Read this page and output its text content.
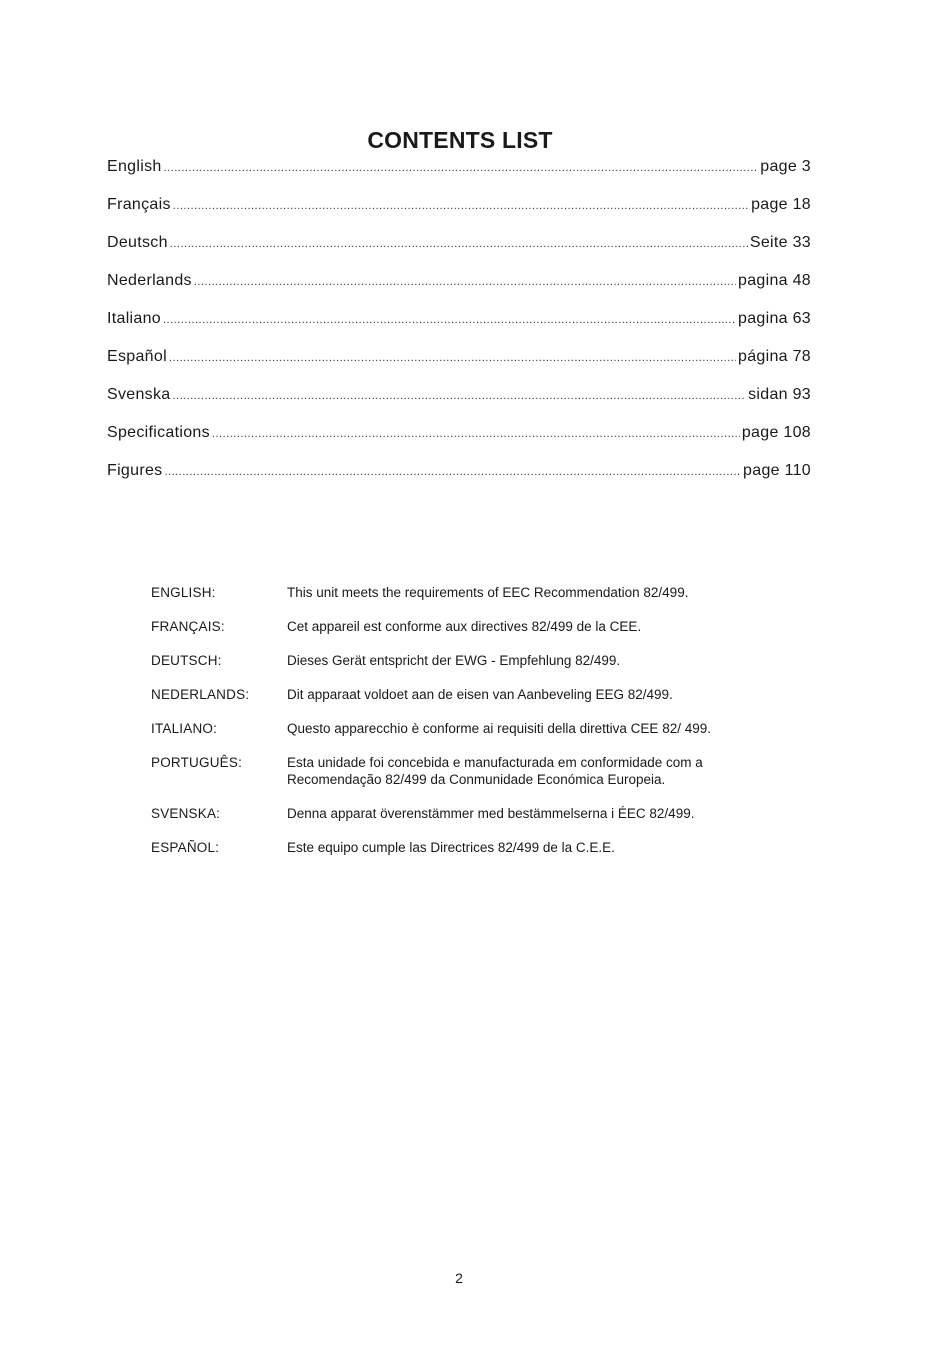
CONTENTS LIST
English .....	page 3
Français .....	page 18
Deutsch .....	Seite 33
Nederlands .....	pagina 48
Italiano .....	pagina 63
Español .....	página 78
Svenska .....	sidan 93
Specifications .....	page 108
Figures .....	page 110
ENGLISH:	This unit meets the requirements of EEC Recommendation 82/499.
FRANÇAIS:	Cet appareil est conforme aux directives 82/499 de la CEE.
DEUTSCH:	Dieses Gerät entspricht der EWG - Empfehlung 82/499.
NEDERLANDS:	Dit apparaat voldoet aan de eisen van Aanbeveling EEG 82/499.
ITALIANO:	Questo apparecchio è conforme ai requisiti della direttiva CEE 82/ 499.
PORTUGUÊS:	Esta unidade foi concebida e manufacturada em conformidade com a Recomendação 82/499 da Conmunidade Económica Europeia.
SVENSKA:	Denna apparat överenstämmer med bestämmelserna i ÉEC 82/499.
ESPAÑOL:	Este equipo cumple las Directrices 82/499 de la C.E.E.
2
